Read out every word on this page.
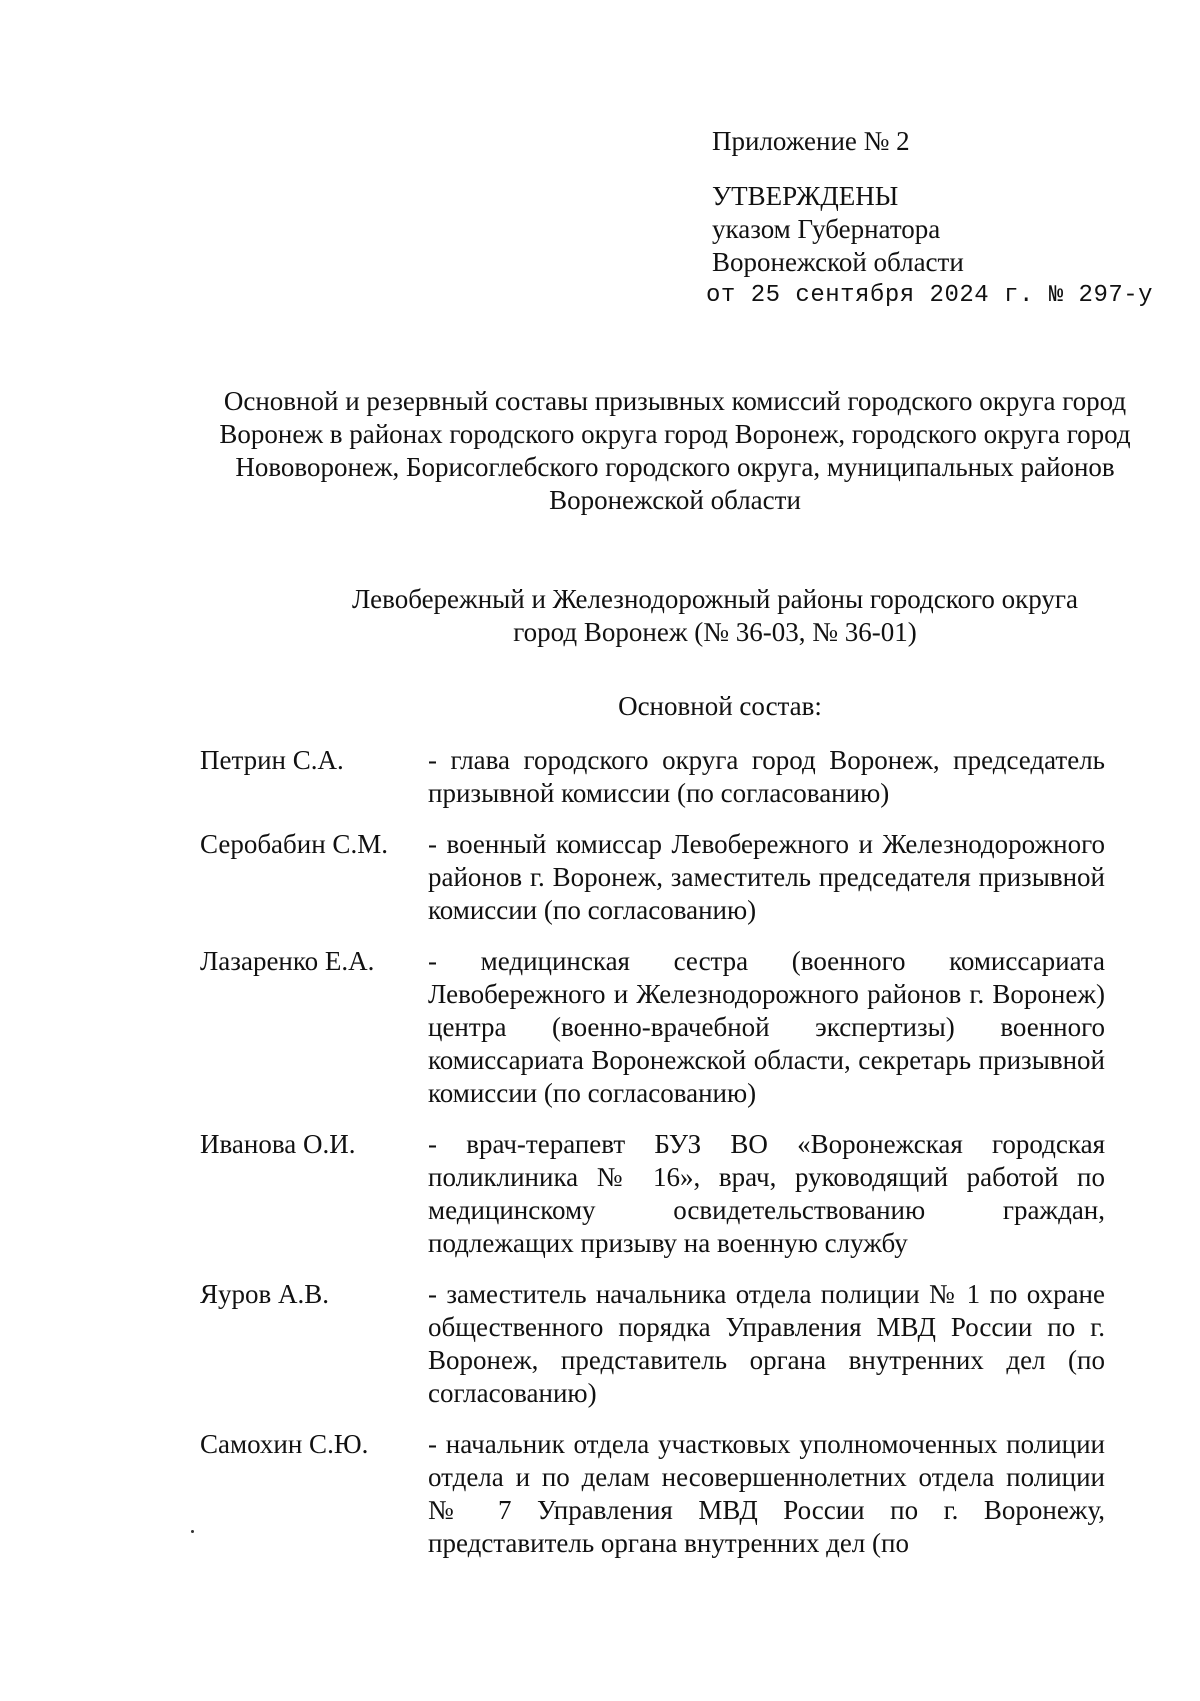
Приложение № 2
УТВЕРЖДЕНЫ
указом Губернатора
Воронежской области
от 25 сентября 2024 г. № 297-у
Основной и резервный составы призывных комиссий городского округа город Воронеж в районах городского округа город Воронеж, городского округа город Нововоронеж, Борисоглебского городского округа, муниципальных районов Воронежской области
Левобережный и Железнодорожный районы городского округа
город Воронеж (№ 36-03, № 36-01)
Основной состав:
Петрин С.А.	- глава городского округа город Воронеж, председатель призывной комиссии (по согласованию)
Серобабин С.М.	- военный комиссар Левобережного и Железнодорожного районов г. Воронеж, заместитель председателя призывной комиссии (по согласованию)
Лазаренко Е.А.	- медицинская сестра (военного комиссариата Левобережного и Железнодорожного районов г. Воронеж) центра (военно-врачебной экспертизы) военного комиссариата Воронежской области, секретарь призывной комиссии (по согласованию)
Иванова О.И.	- врач-терапевт БУЗ ВО «Воронежская городская поликлиника № 16», врач, руководящий работой по медицинскому освидетельствованию граждан, подлежащих призыву на военную службу
Яуров А.В.	- заместитель начальника отдела полиции № 1 по охране общественного порядка Управления МВД России по г. Воронеж, представитель органа внутренних дел (по согласованию)
Самохин С.Ю.	- начальник отдела участковых уполномоченных полиции отдела и по делам несовершеннолетних отдела полиции № 7 Управления МВД России по г. Воронежу, представитель органа внутренних дел (по
